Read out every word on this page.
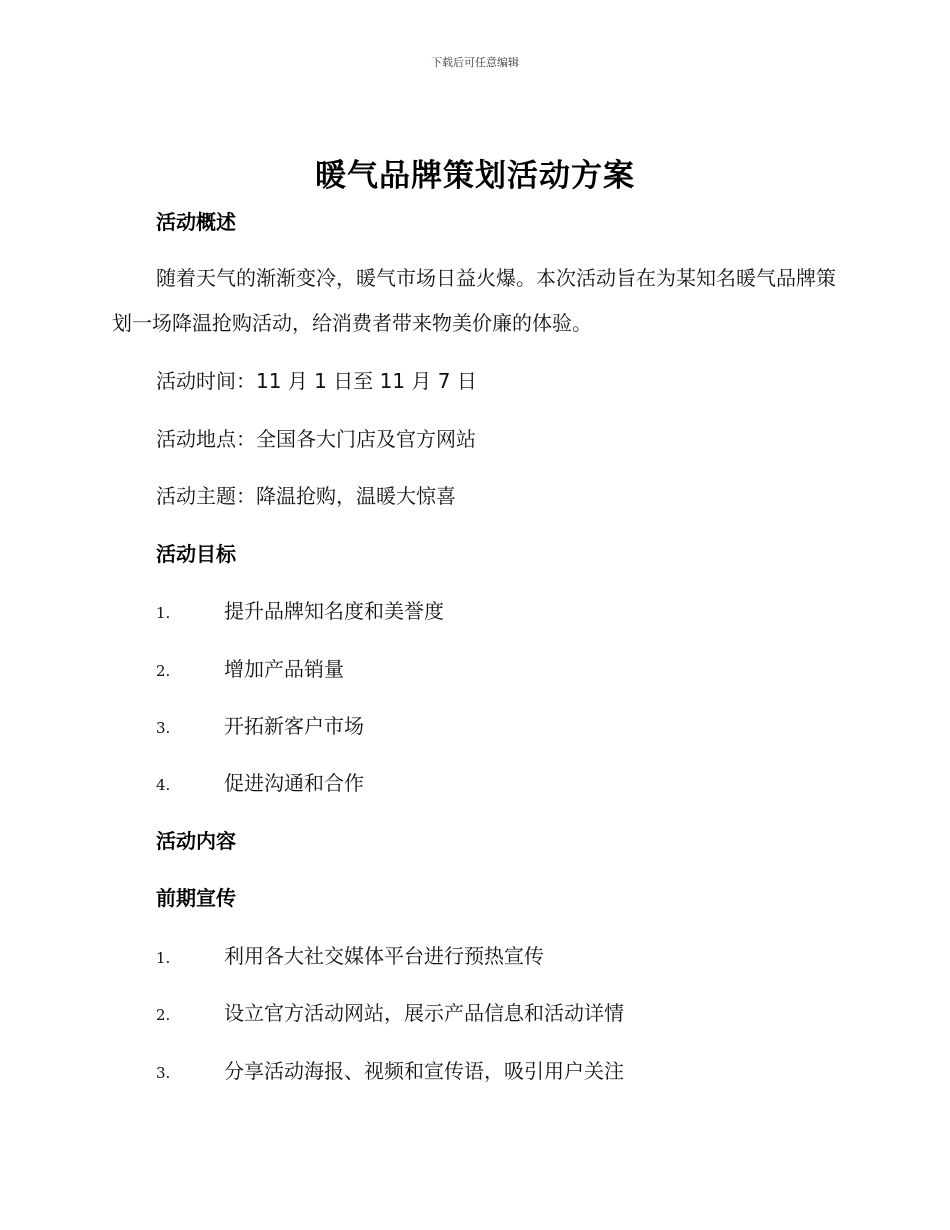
下载后可任意编辑
暖气品牌策划活动方案
活动概述
随着天气的渐渐变冷，暖气市场日益火爆。本次活动旨在为某知名暖气品牌策划一场降温抢购活动，给消费者带来物美价廉的体验。
活动时间：11 月 1 日至 11 月 7 日
活动地点：全国各大门店及官方网站
活动主题：降温抢购，温暖大惊喜
活动目标
1.	提升品牌知名度和美誉度
2.	增加产品销量
3.	开拓新客户市场
4.	促进沟通和合作
活动内容
前期宣传
1.	利用各大社交媒体平台进行预热宣传
2.	设立官方活动网站，展示产品信息和活动详情
3.	分享活动海报、视频和宣传语，吸引用户关注
